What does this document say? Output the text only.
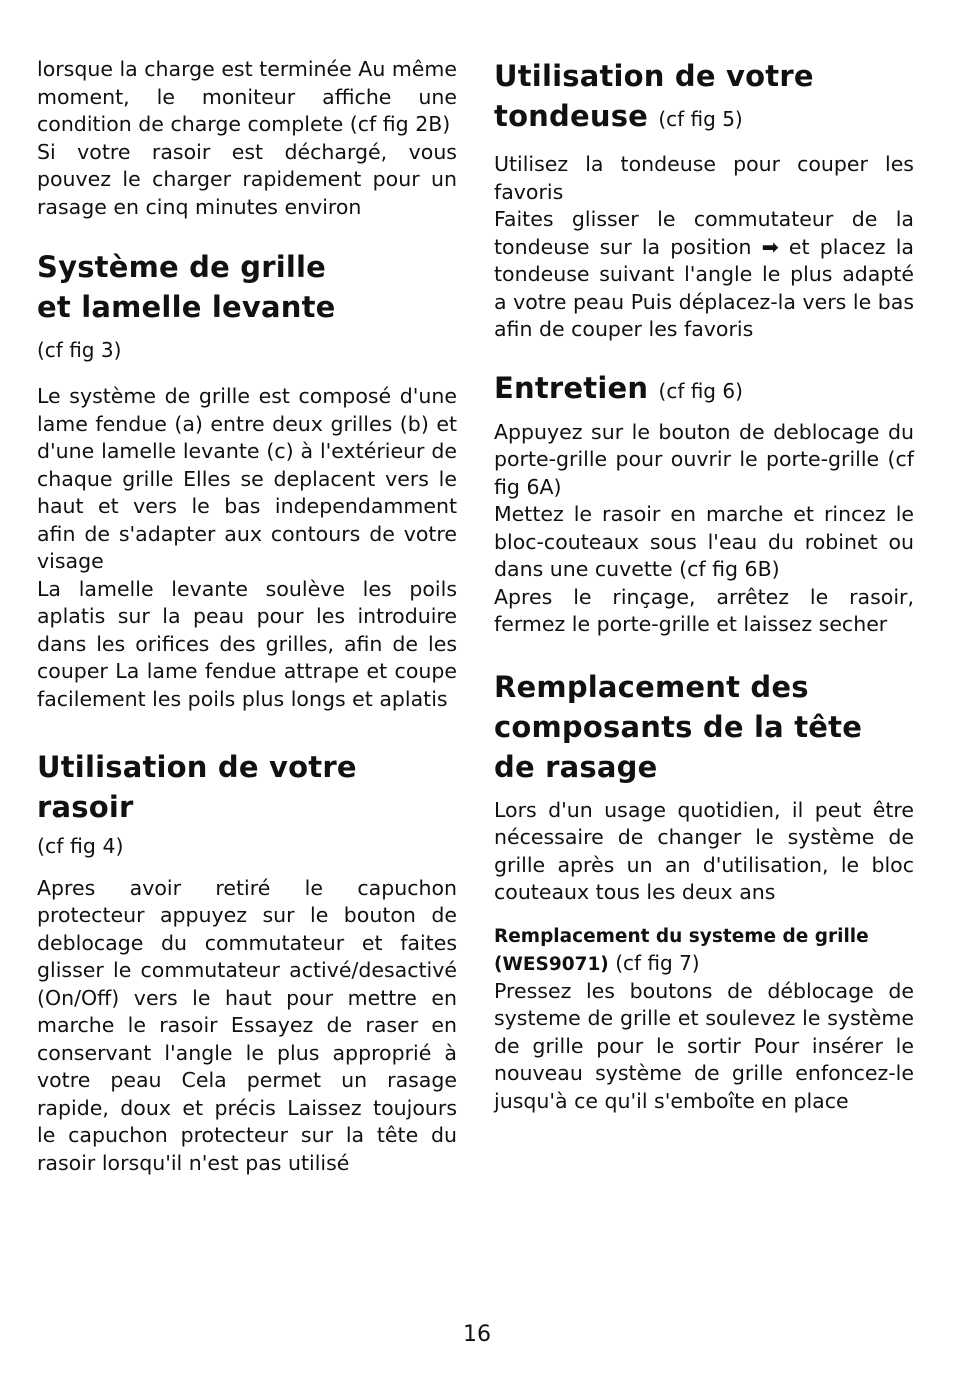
lorsque la charge est terminée Au même moment, le moniteur affiche une condition de charge complete (cf fig 2B)

Si votre rasoir est déchargé, vous pouvez le charger rapidement pour un rasage en cinq minutes environ

Système de grille et lamelle levante (cf fig 3)

Le système de grille est composé d'une lame fendue (a) entre deux grilles (b) et d'une lamelle levante (c) à l'extérieur de chaque grille Elles se deplacent vers le haut et vers le bas independamment afin de s'adapter aux contours de votre visage

La lamelle levante soulève les poils aplatis sur la peau pour les introduire dans les orifices des grilles, afin de les couper La lame fendue attrape et coupe facilement les poils plus longs et aplatis

Utilisation de votre rasoir

(cf fig 4)

Apres avoir retiré le capuchon protecteur appuyez sur le bouton de deblocage du commutateur et faites glisser le commutateur activé/desactivé (On/Off) vers le haut pour mettre en marche le rasoir Essayez de raser en conservant l'angle le plus approprié à votre peau Cela permet un rasage rapide, doux et précis Laissez toujours le capuchon protecteur sur la tête du rasoir lorsqu'il n'est pas utilisé

Utilisation de votre tondeuse (cf fig 5)

Utilisez la tondeuse pour couper les favoris

Faites glisser le commutateur de la tondeuse sur la position ➡ et placez la tondeuse suivant l'angle le plus adapté a votre peau Puis déplacez-la vers le bas afin de couper les favoris

Entretien (cf fig 6)

Appuyez sur le bouton de deblocage du porte-grille pour ouvrir le porte-grille (cf fig 6A)

Mettez le rasoir en marche et rincez le bloc-couteaux sous l'eau du robinet ou dans une cuvette (cf fig 6B)

Apres le rinçage, arrêtez le rasoir, fermez le porte-grille et laissez secher

Remplacement des composants de la tête de rasage

Lors d'un usage quotidien, il peut être nécessaire de changer le système de grille après un an d'utilisation, le bloc couteaux tous les deux ans

Remplacement du systeme de grille (WES9071) (cf fig 7)

Pressez les boutons de déblocage de systeme de grille et soulevez le système de grille pour le sortir Pour insérer le nouveau système de grille enfoncez-le jusqu'à ce qu'il s'emboîte en place

16
